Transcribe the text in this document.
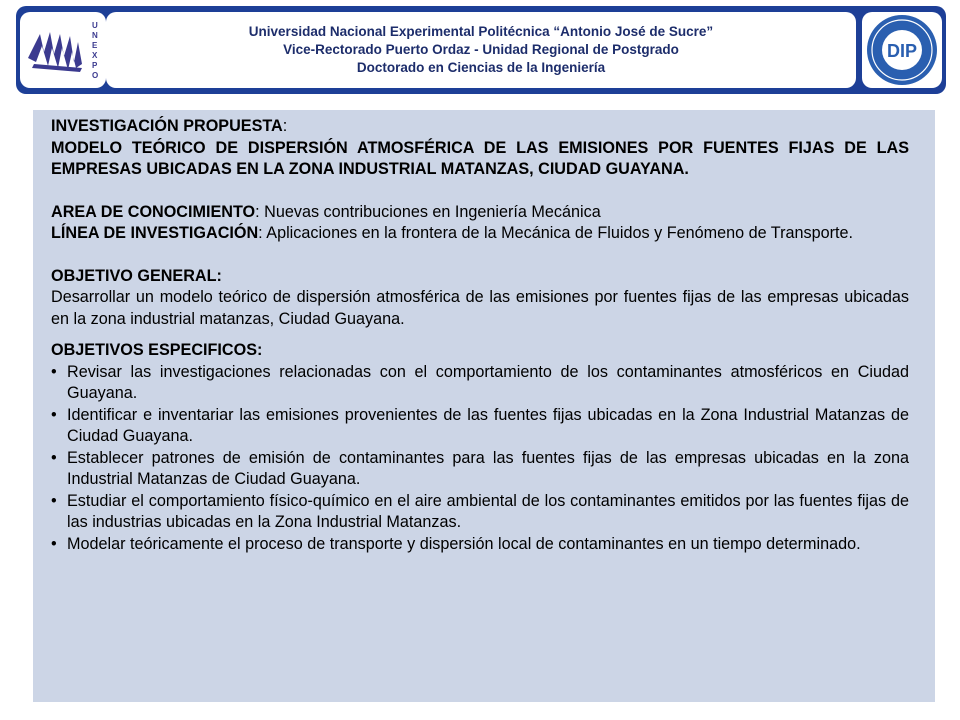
U
N
E
X
P
O
Universidad Nacional Experimental Politécnica “Antonio José de Sucre”
Vice-Rectorado Puerto Ordaz - Unidad Regional de Postgrado
Doctorado en Ciencias de la Ingeniería
DIP

INVESTIGACIÓN PROPUESTA:

MODELO TEÓRICO DE DISPERSIÓN ATMOSFÉRICA DE LAS EMISIONES POR FUENTES FIJAS DE LAS EMPRESAS UBICADAS EN LA ZONA INDUSTRIAL MATANZAS, CIUDAD GUAYANA.

AREA DE CONOCIMIENTO: Nuevas contribuciones en Ingeniería Mecánica

LÍNEA DE INVESTIGACIÓN: Aplicaciones en la frontera de la Mecánica de Fluidos y Fenómeno de Transporte.

OBJETIVO GENERAL:

Desarrollar un modelo teórico de dispersión atmosférica de las emisiones por fuentes fijas de las empresas ubicadas en la zona industrial matanzas, Ciudad Guayana.

OBJETIVOS ESPECIFICOS:

• Revisar las investigaciones relacionadas con el comportamiento de los contaminantes atmosféricos en Ciudad Guayana.
• Identificar e inventariar las emisiones provenientes de las fuentes fijas ubicadas en la Zona Industrial Matanzas de Ciudad Guayana.
• Establecer patrones de emisión de contaminantes para las fuentes fijas de las empresas ubicadas en la zona Industrial Matanzas de Ciudad Guayana.
• Estudiar el comportamiento físico-químico en el aire ambiental de los contaminantes emitidos por las fuentes fijas de las industrias ubicadas en la Zona Industrial Matanzas.
• Modelar teóricamente el proceso de transporte y dispersión local de contaminantes en un tiempo determinado.
